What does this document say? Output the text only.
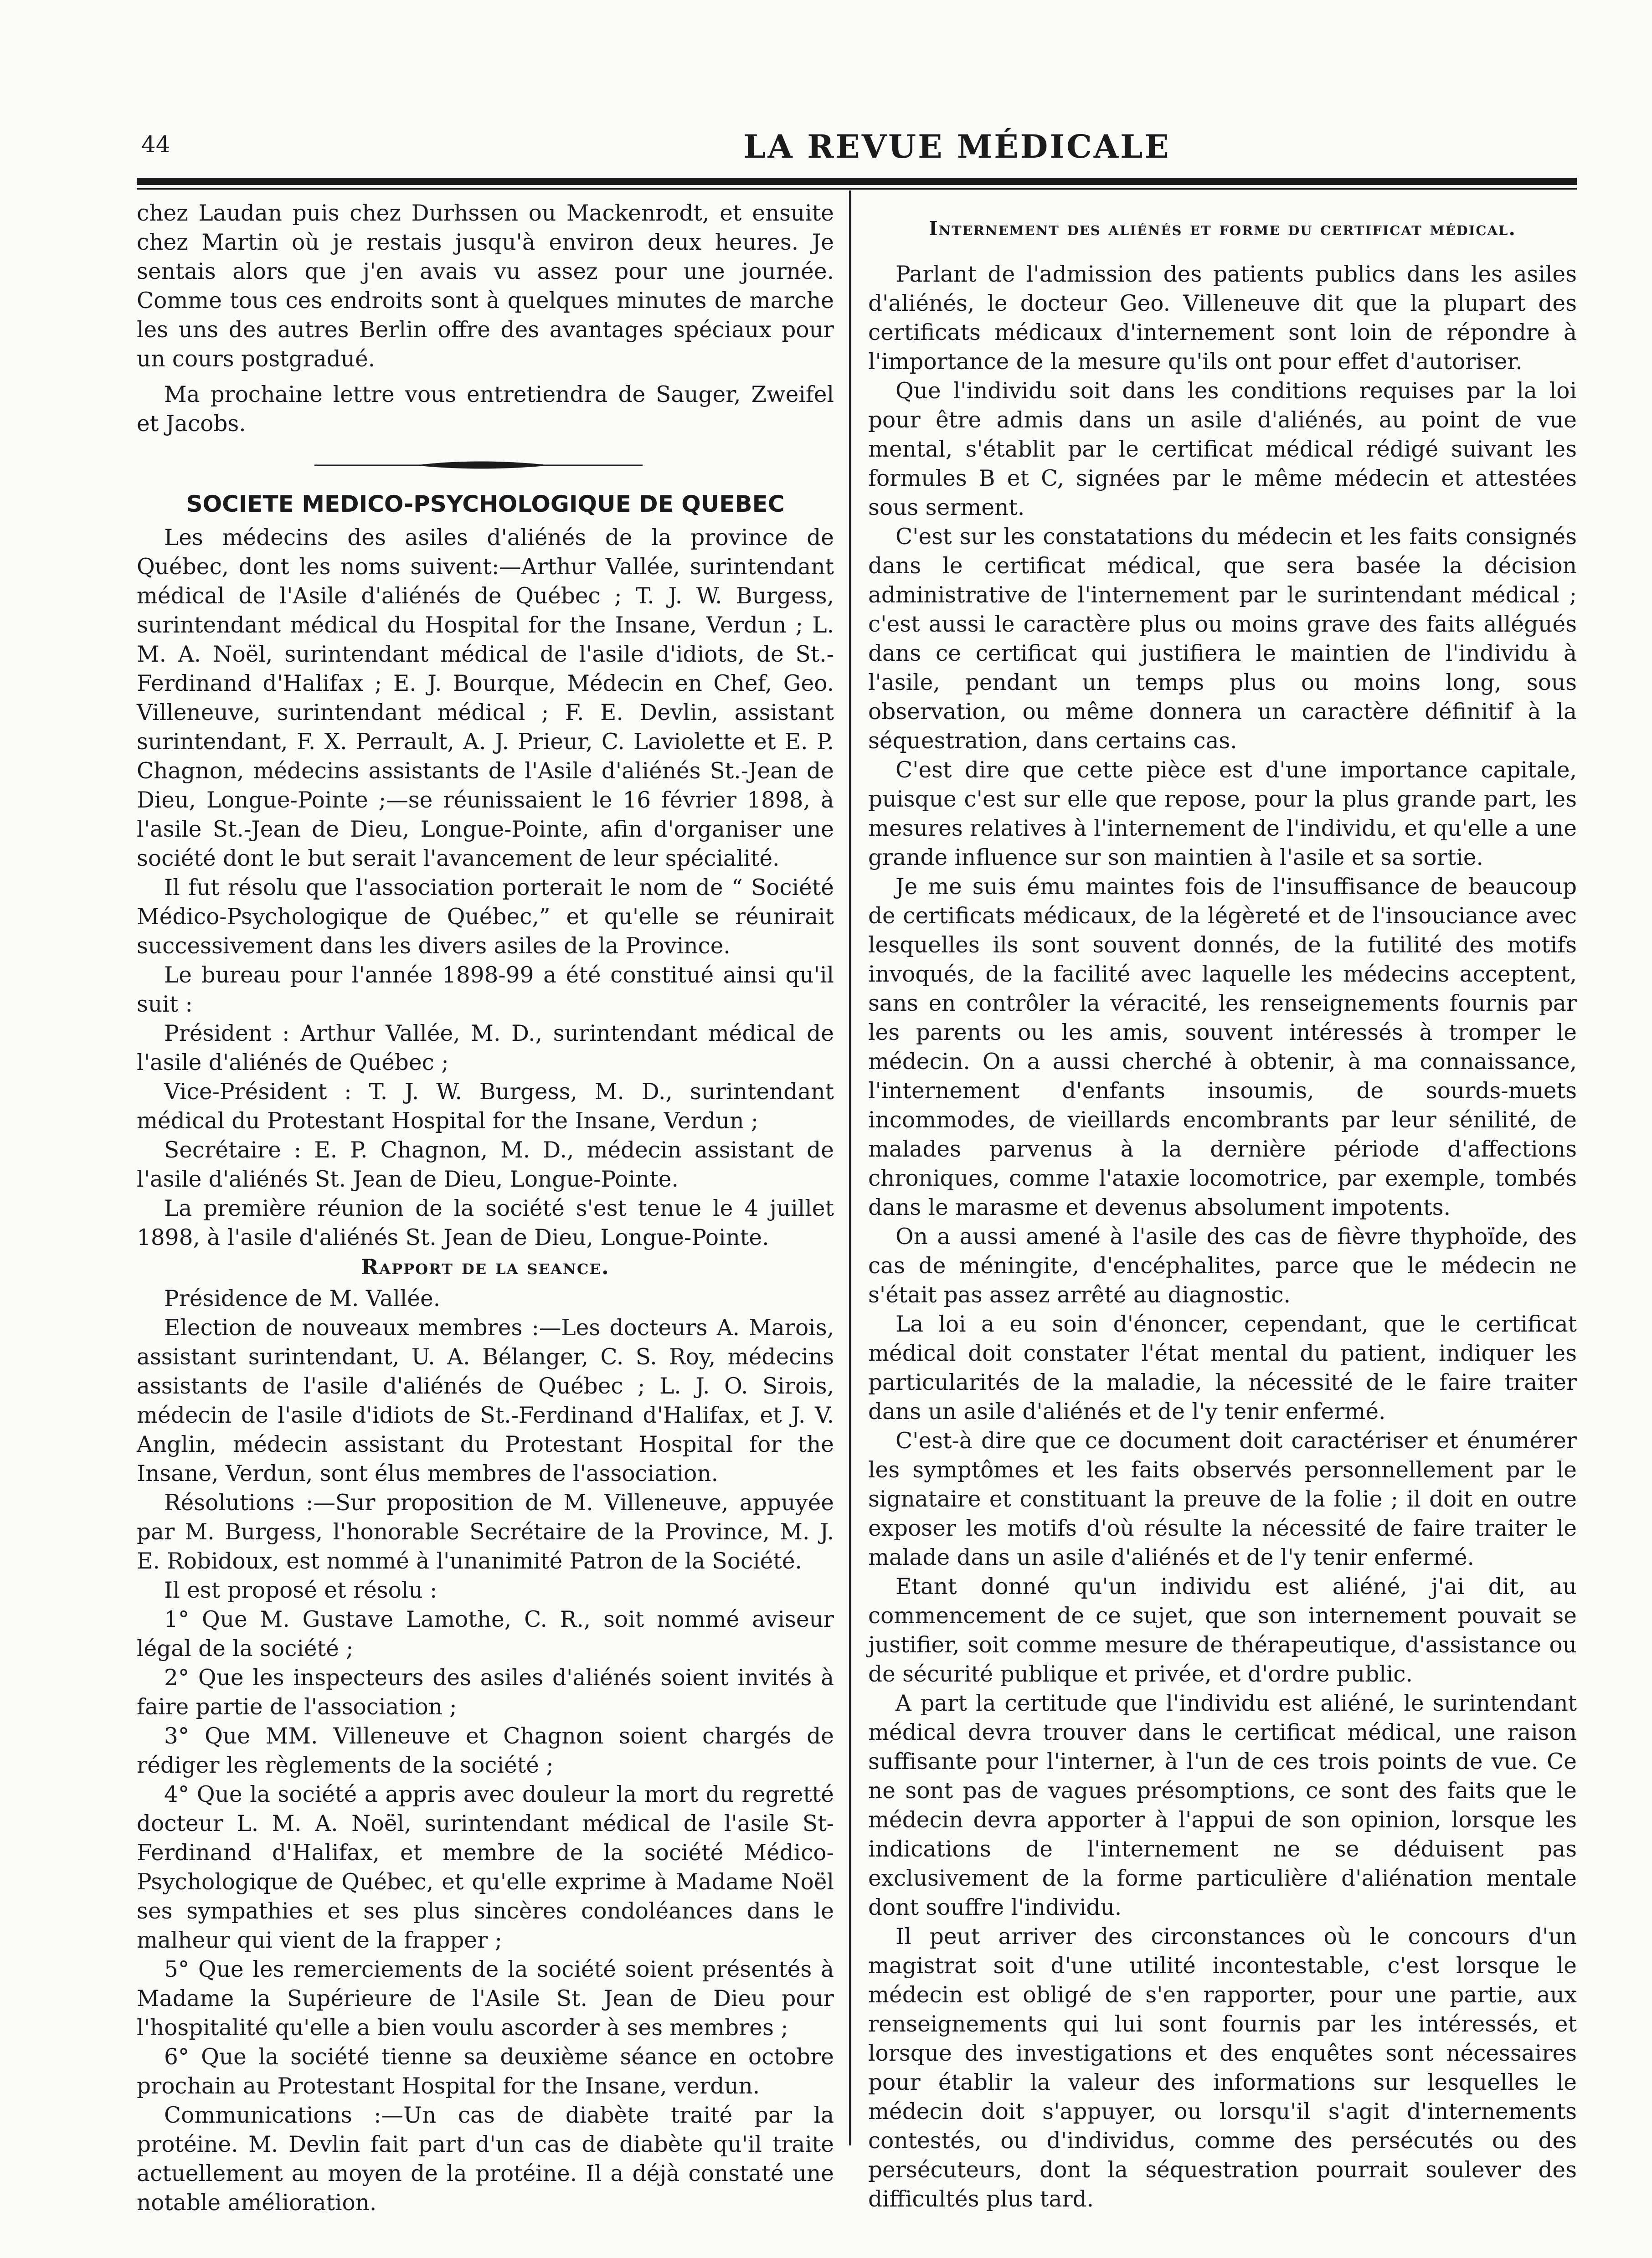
44	LA REVUE MÉDICALE

chez Laudan puis chez Durhssen ou Mackenrodt, et ensuite chez Martin où je restais jusqu'à environ deux heures. Je sentais alors que j'en avais vu assez pour une journée. Comme tous ces endroits sont à quelques minutes de marche les uns des autres Berlin offre des avantages spéciaux pour un cours postgradué.

Ma prochaine lettre vous entretiendra de Sauger, Zweifel et Jacobs.

SOCIETE MEDICO-PSYCHOLOGIQUE DE QUEBEC

Les médecins des asiles d'aliénés de la province de Québec, dont les noms suivent:—Arthur Vallée, surintendant médical de l'Asile d'aliénés de Québec ; T. J. W. Burgess, surintendant médical du Hospital for the Insane, Verdun ; L. M. A. Noël, surintendant médical de l'asile d'idiots, de St.-Ferdinand d'Halifax ; E. J. Bourque, Médecin en Chef, Geo. Villeneuve, surintendant médical ; F. E. Devlin, assistant surintendant, F. X. Perrault, A. J. Prieur, C. Laviolette et E. P. Chagnon, médecins assistants de l'Asile d'aliénés St.-Jean de Dieu, Longue-Pointe ;—se réunissaient le 16 février 1898, à l'asile St.-Jean de Dieu, Longue-Pointe, afin d'organiser une société dont le but serait l'avancement de leur spécialité.

Il fut résolu que l'association porterait le nom de “ Société Médico-Psychologique de Québec,” et qu'elle se réunirait successivement dans les divers asiles de la Province.

Le bureau pour l'année 1898-99 a été constitué ainsi qu'il suit :

Président : Arthur Vallée, M. D., surintendant médical de l'asile d'aliénés de Québec ;

Vice-Président : T. J. W. Burgess, M. D., surintendant médical du Protestant Hospital for the Insane, Verdun ;

Secrétaire : E. P. Chagnon, M. D., médecin assistant de l'asile d'aliénés St. Jean de Dieu, Longue-Pointe.

La première réunion de la société s'est tenue le 4 juillet 1898, à l'asile d'aliénés St. Jean de Dieu, Longue-Pointe.

Rapport de la seance.

Présidence de M. Vallée.

Election de nouveaux membres :—Les docteurs A. Marois, assistant surintendant, U. A. Bélanger, C. S. Roy, médecins assistants de l'asile d'aliénés de Québec ; L. J. O. Sirois, médecin de l'asile d'idiots de St.-Ferdinand d'Halifax, et J. V. Anglin, médecin assistant du Protestant Hospital for the Insane, Verdun, sont élus membres de l'association.

Résolutions :—Sur proposition de M. Villeneuve, appuyée par M. Burgess, l'honorable Secrétaire de la Province, M. J. E. Robidoux, est nommé à l'unanimité Patron de la Société.

Il est proposé et résolu :

1° Que M. Gustave Lamothe, C. R., soit nommé aviseur légal de la société ;

2° Que les inspecteurs des asiles d'aliénés soient invités à faire partie de l'association ;

3° Que MM. Villeneuve et Chagnon soient chargés de rédiger les règlements de la société ;

4° Que la société a appris avec douleur la mort du regretté docteur L. M. A. Noël, surintendant médical de l'asile St-Ferdinand d'Halifax, et membre de la société Médico-Psychologique de Québec, et qu'elle exprime à Madame Noël ses sympathies et ses plus sincères condoléances dans le malheur qui vient de la frapper ;

5° Que les remerciements de la société soient présentés à Madame la Supérieure de l'Asile St. Jean de Dieu pour l'hospitalité qu'elle a bien voulu ascorder à ses membres ;

6° Que la société tienne sa deuxième séance en octobre prochain au Protestant Hospital for the Insane, verdun.

Communications :—Un cas de diabète traité par la protéine. M. Devlin fait part d'un cas de diabète qu'il traite actuellement au moyen de la protéine. Il a déjà constaté une notable amélioration.

Internement des aliénés et forme du certificat médical.

Parlant de l'admission des patients publics dans les asiles d'aliénés, le docteur Geo. Villeneuve dit que la plupart des certificats médicaux d'internement sont loin de répondre à l'importance de la mesure qu'ils ont pour effet d'autoriser.

Que l'individu soit dans les conditions requises par la loi pour être admis dans un asile d'aliénés, au point de vue mental, s'établit par le certificat médical rédigé suivant les formules B et C, signées par le même médecin et attestées sous serment.

C'est sur les constatations du médecin et les faits consignés dans le certificat médical, que sera basée la décision administrative de l'internement par le surintendant médical ; c'est aussi le caractère plus ou moins grave des faits allégués dans ce certificat qui justifiera le maintien de l'individu à l'asile, pendant un temps plus ou moins long, sous observation, ou même donnera un caractère définitif à la séquestration, dans certains cas.

C'est dire que cette pièce est d'une importance capitale, puisque c'est sur elle que repose, pour la plus grande part, les mesures relatives à l'internement de l'individu, et qu'elle a une grande influence sur son maintien à l'asile et sa sortie.

Je me suis ému maintes fois de l'insuffisance de beaucoup de certificats médicaux, de la légèreté et de l'insouciance avec lesquelles ils sont souvent donnés, de la futilité des motifs invoqués, de la facilité avec laquelle les médecins acceptent, sans en contrôler la véracité, les renseignements fournis par les parents ou les amis, souvent intéressés à tromper le médecin. On a aussi cherché à obtenir, à ma connaissance, l'internement d'enfants insoumis, de sourds-muets incommodes, de vieillards encombrants par leur sénilité, de malades parvenus à la dernière période d'affections chroniques, comme l'ataxie locomotrice, par exemple, tombés dans le marasme et devenus absolument impotents.

On a aussi amené à l'asile des cas de fièvre thyphoïde, des cas de méningite, d'encéphalites, parce que le médecin ne s'était pas assez arrêté au diagnostic.

La loi a eu soin d'énoncer, cependant, que le certificat médical doit constater l'état mental du patient, indiquer les particularités de la maladie, la nécessité de le faire traiter dans un asile d'aliénés et de l'y tenir enfermé.

C'est-à dire que ce document doit caractériser et énumérer les symptômes et les faits observés personnellement par le signataire et constituant la preuve de la folie ; il doit en outre exposer les motifs d'où résulte la nécessité de faire traiter le malade dans un asile d'aliénés et de l'y tenir enfermé.

Etant donné qu'un individu est aliéné, j'ai dit, au commencement de ce sujet, que son internement pouvait se justifier, soit comme mesure de thérapeutique, d'assistance ou de sécurité publique et privée, et d'ordre public.

A part la certitude que l'individu est aliéné, le surintendant médical devra trouver dans le certificat médical, une raison suffisante pour l'interner, à l'un de ces trois points de vue. Ce ne sont pas de vagues présomptions, ce sont des faits que le médecin devra apporter à l'appui de son opinion, lorsque les indications de l'internement ne se déduisent pas exclusivement de la forme particulière d'aliénation mentale dont souffre l'individu.

Il peut arriver des circonstances où le concours d'un magistrat soit d'une utilité incontestable, c'est lorsque le médecin est obligé de s'en rapporter, pour une partie, aux renseignements qui lui sont fournis par les intéressés, et lorsque des investigations et des enquêtes sont nécessaires pour établir la valeur des informations sur lesquelles le médecin doit s'appuyer, ou lorsqu'il s'agit d'internements contestés, ou d'individus, comme des persécutés ou des persécuteurs, dont la séquestration pourrait soulever des difficultés plus tard.
